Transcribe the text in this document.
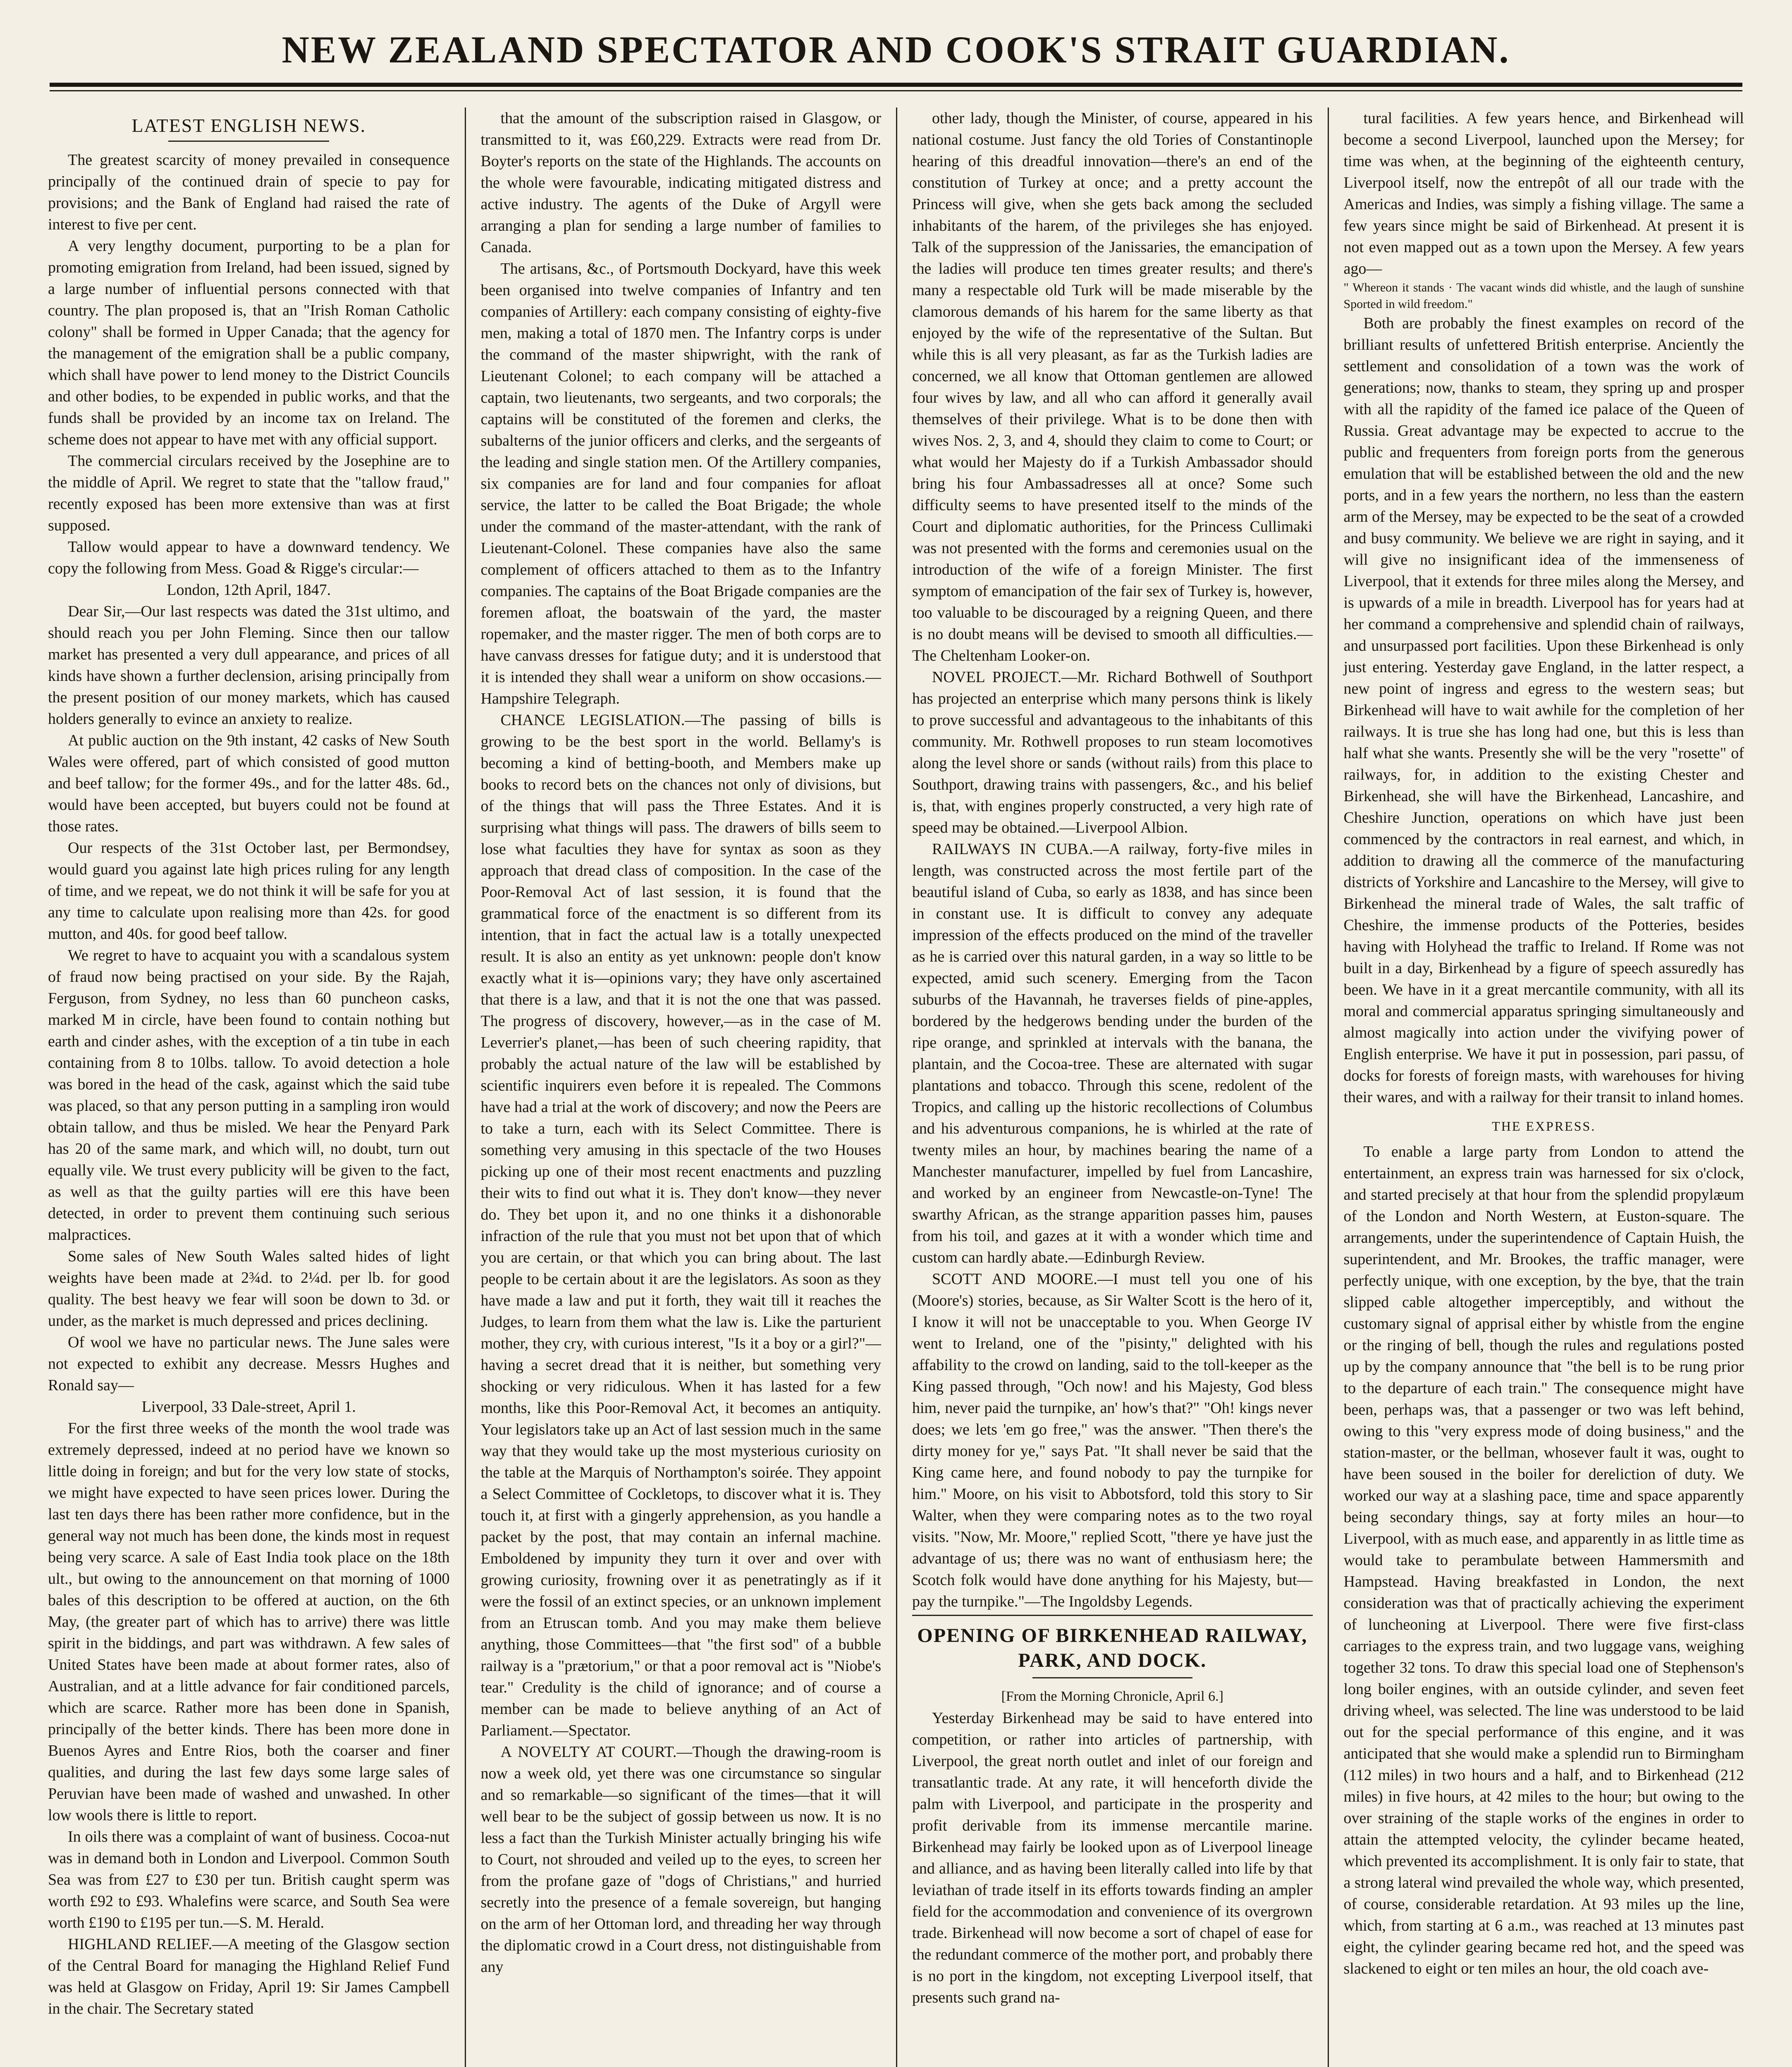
NEW ZEALAND SPECTATOR AND COOK'S STRAIT GUARDIAN.
LATEST ENGLISH NEWS.

The greatest scarcity of money prevailed in consequence principally of the continued drain of specie to pay for provisions; and the Bank of England had raised the rate of interest to five per cent.

A very lengthy document, purporting to be a plan for promoting emigration from Ireland, had been issued, signed by a large number of influential persons connected with that country. The plan proposed is, that an "Irish Roman Catholic colony" shall be formed in Upper Canada; that the agency for the management of the emigration shall be a public company, which shall have power to lend money to the District Councils and other bodies, to be expended in public works, and that the funds shall be provided by an income tax on Ireland. The scheme does not appear to have met with any official support.

The commercial circulars received by the Josephine are to the middle of April. We regret to state that the "tallow fraud," recently exposed has been more extensive than was at first supposed.

Tallow would appear to have a downward tendency. We copy the following from Mess. Goad & Rigge's circular:—

London, 12th April, 1847.

Dear Sir,—Our last respects was dated the 31st ultimo, and should reach you per John Fleming. Since then our tallow market has presented a very dull appearance, and prices of all kinds have shown a further declension, arising principally from the present position of our money markets, which has caused holders generally to evince an anxiety to realize.

At public auction on the 9th instant, 42 casks of New South Wales were offered, part of which consisted of good mutton and beef tallow; for the former 49s., and for the latter 48s. 6d., would have been accepted, but buyers could not be found at those rates.

Our respects of the 31st October last, per Bermondsey, would guard you against late high prices ruling for any length of time, and we repeat, we do not think it will be safe for you at any time to calculate upon realising more than 42s. for good mutton, and 40s. for good beef tallow.

We regret to have to acquaint you with a scandalous system of fraud now being practised on your side. By the Rajah, Ferguson, from Sydney, no less than 60 puncheon casks, marked M in circle, have been found to contain nothing but earth and cinder ashes, with the exception of a tin tube in each containing from 8 to 10lbs. tallow. To avoid detection a hole was bored in the head of the cask, against which the said tube was placed, so that any person putting in a sampling iron would obtain tallow, and thus be misled. We hear the Penyard Park has 20 of the same mark, and which will, no doubt, turn out equally vile. We trust every publicity will be given to the fact, as well as that the guilty parties will ere this have been detected, in order to prevent them continuing such serious malpractices.

Some sales of New South Wales salted hides of light weights have been made at 2¾d. to 2¼d. per lb. for good quality. The best heavy we fear will soon be down to 3d. or under, as the market is much depressed and prices declining.

Of wool we have no particular news. The June sales were not expected to exhibit any decrease. Messrs Hughes and Ronald say—

Liverpool, 33 Dale-street, April 1.

For the first three weeks of the month the wool trade was extremely depressed, indeed at no period have we known so little doing in foreign; and but for the very low state of stocks, we might have expected to have seen prices lower. During the last ten days there has been rather more confidence, but in the general way not much has been done, the kinds most in request being very scarce. A sale of East India took place on the 18th ult., but owing to the announcement on that morning of 1000 bales of this description to be offered at auction, on the 6th May, (the greater part of which has to arrive) there was little spirit in the biddings, and part was withdrawn. A few sales of United States have been made at about former rates, also of Australian, and at a little advance for fair conditioned parcels, which are scarce. Rather more has been done in Spanish, principally of the better kinds. There has been more done in Buenos Ayres and Entre Rios, both the coarser and finer qualities, and during the last few days some large sales of Peruvian have been made of washed and unwashed. In other low wools there is little to report.

In oils there was a complaint of want of business. Cocoa-nut was in demand both in London and Liverpool. Common South Sea was from £27 to £30 per tun. British caught sperm was worth £92 to £93. Whalefins were scarce, and South Sea were worth £190 to £195 per tun.—S. M. Herald.

HIGHLAND RELIEF.—A meeting of the Glasgow section of the Central Board for managing the Highland Relief Fund was held at Glasgow on Friday, April 19: Sir James Campbell in the chair. The Secretary stated

that the amount of the subscription raised in Glasgow, or transmitted to it, was £60,229. Extracts were read from Dr. Boyter's reports on the state of the Highlands. The accounts on the whole were favourable, indicating mitigated distress and active industry. The agents of the Duke of Argyll were arranging a plan for sending a large number of families to Canada.

The artisans, &c., of Portsmouth Dockyard, have this week been organised into twelve companies of Infantry and ten companies of Artillery: each company consisting of eighty-five men, making a total of 1870 men. The Infantry corps is under the command of the master shipwright, with the rank of Lieutenant Colonel; to each company will be attached a captain, two lieutenants, two sergeants, and two corporals; the captains will be constituted of the foremen and clerks, the subalterns of the junior officers and clerks, and the sergeants of the leading and single station men. Of the Artillery companies, six companies are for land and four companies for afloat service, the latter to be called the Boat Brigade; the whole under the command of the master-attendant, with the rank of Lieutenant-Colonel. These companies have also the same complement of officers attached to them as to the Infantry companies. The captains of the Boat Brigade companies are the foremen afloat, the boatswain of the yard, the master ropemaker, and the master rigger. The men of both corps are to have canvass dresses for fatigue duty; and it is understood that it is intended they shall wear a uniform on show occasions.—Hampshire Telegraph.

CHANCE LEGISLATION.—The passing of bills is growing to be the best sport in the world. Bellamy's is becoming a kind of betting-booth, and Members make up books to record bets on the chances not only of divisions, but of the things that will pass the Three Estates. And it is surprising what things will pass. The drawers of bills seem to lose what faculties they have for syntax as soon as they approach that dread class of composition. In the case of the Poor-Removal Act of last session, it is found that the grammatical force of the enactment is so different from its intention, that in fact the actual law is a totally unexpected result. It is also an entity as yet unknown: people don't know exactly what it is—opinions vary; they have only ascertained that there is a law, and that it is not the one that was passed. The progress of discovery, however,—as in the case of M. Leverrier's planet,—has been of such cheering rapidity, that probably the actual nature of the law will be established by scientific inquirers even before it is repealed. The Commons have had a trial at the work of discovery; and now the Peers are to take a turn, each with its Select Committee. There is something very amusing in this spectacle of the two Houses picking up one of their most recent enactments and puzzling their wits to find out what it is. They don't know—they never do. They bet upon it, and no one thinks it a dishonorable infraction of the rule that you must not bet upon that of which you are certain, or that which you can bring about. The last people to be certain about it are the legislators. As soon as they have made a law and put it forth, they wait till it reaches the Judges, to learn from them what the law is. Like the parturient mother, they cry, with curious interest, "Is it a boy or a girl?"—having a secret dread that it is neither, but something very shocking or very ridiculous. When it has lasted for a few months, like this Poor-Removal Act, it becomes an antiquity. Your legislators take up an Act of last session much in the same way that they would take up the most mysterious curiosity on the table at the Marquis of Northampton's soirée. They appoint a Select Committee of Cockletops, to discover what it is. They touch it, at first with a gingerly apprehension, as you handle a packet by the post, that may contain an infernal machine. Emboldened by impunity they turn it over and over with growing curiosity, frowning over it as penetratingly as if it were the fossil of an extinct species, or an unknown implement from an Etruscan tomb. And you may make them believe anything, those Committees—that "the first sod" of a bubble railway is a "prætorium," or that a poor removal act is "Niobe's tear." Credulity is the child of ignorance; and of course a member can be made to believe anything of an Act of Parliament.—Spectator.

A NOVELTY AT COURT.—Though the drawing-room is now a week old, yet there was one circumstance so singular and so remarkable—so significant of the times—that it will well bear to be the subject of gossip between us now. It is no less a fact than the Turkish Minister actually bringing his wife to Court, not shrouded and veiled up to the eyes, to screen her from the profane gaze of "dogs of Christians," and hurried secretly into the presence of a female sovereign, but hanging on the arm of her Ottoman lord, and threading her way through the diplomatic crowd in a Court dress, not distinguishable from any

other lady, though the Minister, of course, appeared in his national costume. Just fancy the old Tories of Constantinople hearing of this dreadful innovation—there's an end of the constitution of Turkey at once; and a pretty account the Princess will give, when she gets back among the secluded inhabitants of the harem, of the privileges she has enjoyed. Talk of the suppression of the Janissaries, the emancipation of the ladies will produce ten times greater results; and there's many a respectable old Turk will be made miserable by the clamorous demands of his harem for the same liberty as that enjoyed by the wife of the representative of the Sultan. But while this is all very pleasant, as far as the Turkish ladies are concerned, we all know that Ottoman gentlemen are allowed four wives by law, and all who can afford it generally avail themselves of their privilege. What is to be done then with wives Nos. 2, 3, and 4, should they claim to come to Court; or what would her Majesty do if a Turkish Ambassador should bring his four Ambassadresses all at once? Some such difficulty seems to have presented itself to the minds of the Court and diplomatic authorities, for the Princess Cullimaki was not presented with the forms and ceremonies usual on the introduction of the wife of a foreign Minister. The first symptom of emancipation of the fair sex of Turkey is, however, too valuable to be discouraged by a reigning Queen, and there is no doubt means will be devised to smooth all difficulties.—The Cheltenham Looker-on.

NOVEL PROJECT.—Mr. Richard Bothwell of Southport has projected an enterprise which many persons think is likely to prove successful and advantageous to the inhabitants of this community. Mr. Rothwell proposes to run steam locomotives along the level shore or sands (without rails) from this place to Southport, drawing trains with passengers, &c., and his belief is, that, with engines properly constructed, a very high rate of speed may be obtained.—Liverpool Albion.

RAILWAYS IN CUBA.—A railway, forty-five miles in length, was constructed across the most fertile part of the beautiful island of Cuba, so early as 1838, and has since been in constant use. It is difficult to convey any adequate impression of the effects produced on the mind of the traveller as he is carried over this natural garden, in a way so little to be expected, amid such scenery. Emerging from the Tacon suburbs of the Havannah, he traverses fields of pine-apples, bordered by the hedgerows bending under the burden of the ripe orange, and sprinkled at intervals with the banana, the plantain, and the Cocoa-tree. These are alternated with sugar plantations and tobacco. Through this scene, redolent of the Tropics, and calling up the historic recollections of Columbus and his adventurous companions, he is whirled at the rate of twenty miles an hour, by machines bearing the name of a Manchester manufacturer, impelled by fuel from Lancashire, and worked by an engineer from Newcastle-on-Tyne! The swarthy African, as the strange apparition passes him, pauses from his toil, and gazes at it with a wonder which time and custom can hardly abate.—Edinburgh Review.

SCOTT AND MOORE.—I must tell you one of his (Moore's) stories, because, as Sir Walter Scott is the hero of it, I know it will not be unacceptable to you. When George IV went to Ireland, one of the "pisinty," delighted with his affability to the crowd on landing, said to the toll-keeper as the King passed through, "Och now! and his Majesty, God bless him, never paid the turnpike, an' how's that?" "Oh! kings never does; we lets 'em go free," was the answer. "Then there's the dirty money for ye," says Pat. "It shall never be said that the King came here, and found nobody to pay the turnpike for him." Moore, on his visit to Abbotsford, told this story to Sir Walter, when they were comparing notes as to the two royal visits. "Now, Mr. Moore," replied Scott, "there ye have just the advantage of us; there was no want of enthusiasm here; the Scotch folk would have done anything for his Majesty, but—pay the turnpike."—The Ingoldsby Legends.

OPENING OF BIRKENHEAD RAILWAY, PARK, AND DOCK.

[From the Morning Chronicle, April 6.]

Yesterday Birkenhead may be said to have entered into competition, or rather into articles of partnership, with Liverpool, the great north outlet and inlet of our foreign and transatlantic trade. At any rate, it will henceforth divide the palm with Liverpool, and participate in the prosperity and profit derivable from its immense mercantile marine. Birkenhead may fairly be looked upon as of Liverpool lineage and alliance, and as having been literally called into life by that leviathan of trade itself in its efforts towards finding an ampler field for the accommodation and convenience of its overgrown trade. Birkenhead will now become a sort of chapel of ease for the redundant commerce of the mother port, and probably there is no port in the kingdom, not excepting Liverpool itself, that presents such grand na-

tural facilities. A few years hence, and Birkenhead will become a second Liverpool, launched upon the Mersey; for time was when, at the beginning of the eighteenth century, Liverpool itself, now the entrepôt of all our trade with the Americas and Indies, was simply a fishing village. The same a few years since might be said of Birkenhead. At present it is not even mapped out as a town upon the Mersey. A few years ago—

" Whereon it stands · The vacant winds did whistle, and the laugh of sunshine Sported in wild freedom."

Both are probably the finest examples on record of the brilliant results of unfettered British enterprise. Anciently the settlement and consolidation of a town was the work of generations; now, thanks to steam, they spring up and prosper with all the rapidity of the famed ice palace of the Queen of Russia. Great advantage may be expected to accrue to the public and frequenters from foreign ports from the generous emulation that will be established between the old and the new ports, and in a few years the northern, no less than the eastern arm of the Mersey, may be expected to be the seat of a crowded and busy community. We believe we are right in saying, and it will give no insignificant idea of the immenseness of Liverpool, that it extends for three miles along the Mersey, and is upwards of a mile in breadth. Liverpool has for years had at her command a comprehensive and splendid chain of railways, and unsurpassed port facilities. Upon these Birkenhead is only just entering. Yesterday gave England, in the latter respect, a new point of ingress and egress to the western seas; but Birkenhead will have to wait awhile for the completion of her railways. It is true she has long had one, but this is less than half what she wants. Presently she will be the very "rosette" of railways, for, in addition to the existing Chester and Birkenhead, she will have the Birkenhead, Lancashire, and Cheshire Junction, operations on which have just been commenced by the contractors in real earnest, and which, in addition to drawing all the commerce of the manufacturing districts of Yorkshire and Lancashire to the Mersey, will give to Birkenhead the mineral trade of Wales, the salt traffic of Cheshire, the immense products of the Potteries, besides having with Holyhead the traffic to Ireland. If Rome was not built in a day, Birkenhead by a figure of speech assuredly has been. We have in it a great mercantile community, with all its moral and commercial apparatus springing simultaneously and almost magically into action under the vivifying power of English enterprise. We have it put in possession, pari passu, of docks for forests of foreign masts, with warehouses for hiving their wares, and with a railway for their transit to inland homes.

THE EXPRESS.

To enable a large party from London to attend the entertainment, an express train was harnessed for six o'clock, and started precisely at that hour from the splendid propylæum of the London and North Western, at Euston-square. The arrangements, under the superintendence of Captain Huish, the superintendent, and Mr. Brookes, the traffic manager, were perfectly unique, with one exception, by the bye, that the train slipped cable altogether imperceptibly, and without the customary signal of apprisal either by whistle from the engine or the ringing of bell, though the rules and regulations posted up by the company announce that "the bell is to be rung prior to the departure of each train." The consequence might have been, perhaps was, that a passenger or two was left behind, owing to this "very express mode of doing business," and the station-master, or the bellman, whosever fault it was, ought to have been soused in the boiler for dereliction of duty. We worked our way at a slashing pace, time and space apparently being secondary things, say at forty miles an hour—to Liverpool, with as much ease, and apparently in as little time as would take to perambulate between Hammersmith and Hampstead. Having breakfasted in London, the next consideration was that of practically achieving the experiment of luncheoning at Liverpool. There were five first-class carriages to the express train, and two luggage vans, weighing together 32 tons. To draw this special load one of Stephenson's long boiler engines, with an outside cylinder, and seven feet driving wheel, was selected. The line was understood to be laid out for the special performance of this engine, and it was anticipated that she would make a splendid run to Birmingham (112 miles) in two hours and a half, and to Birkenhead (212 miles) in five hours, at 42 miles to the hour; but owing to the over straining of the staple works of the engines in order to attain the attempted velocity, the cylinder became heated, which prevented its accomplishment. It is only fair to state, that a strong lateral wind prevailed the whole way, which presented, of course, considerable retardation. At 93 miles up the line, which, from starting at 6 a.m., was reached at 13 minutes past eight, the cylinder gearing became red hot, and the speed was slackened to eight or ten miles an hour, the old coach ave-
